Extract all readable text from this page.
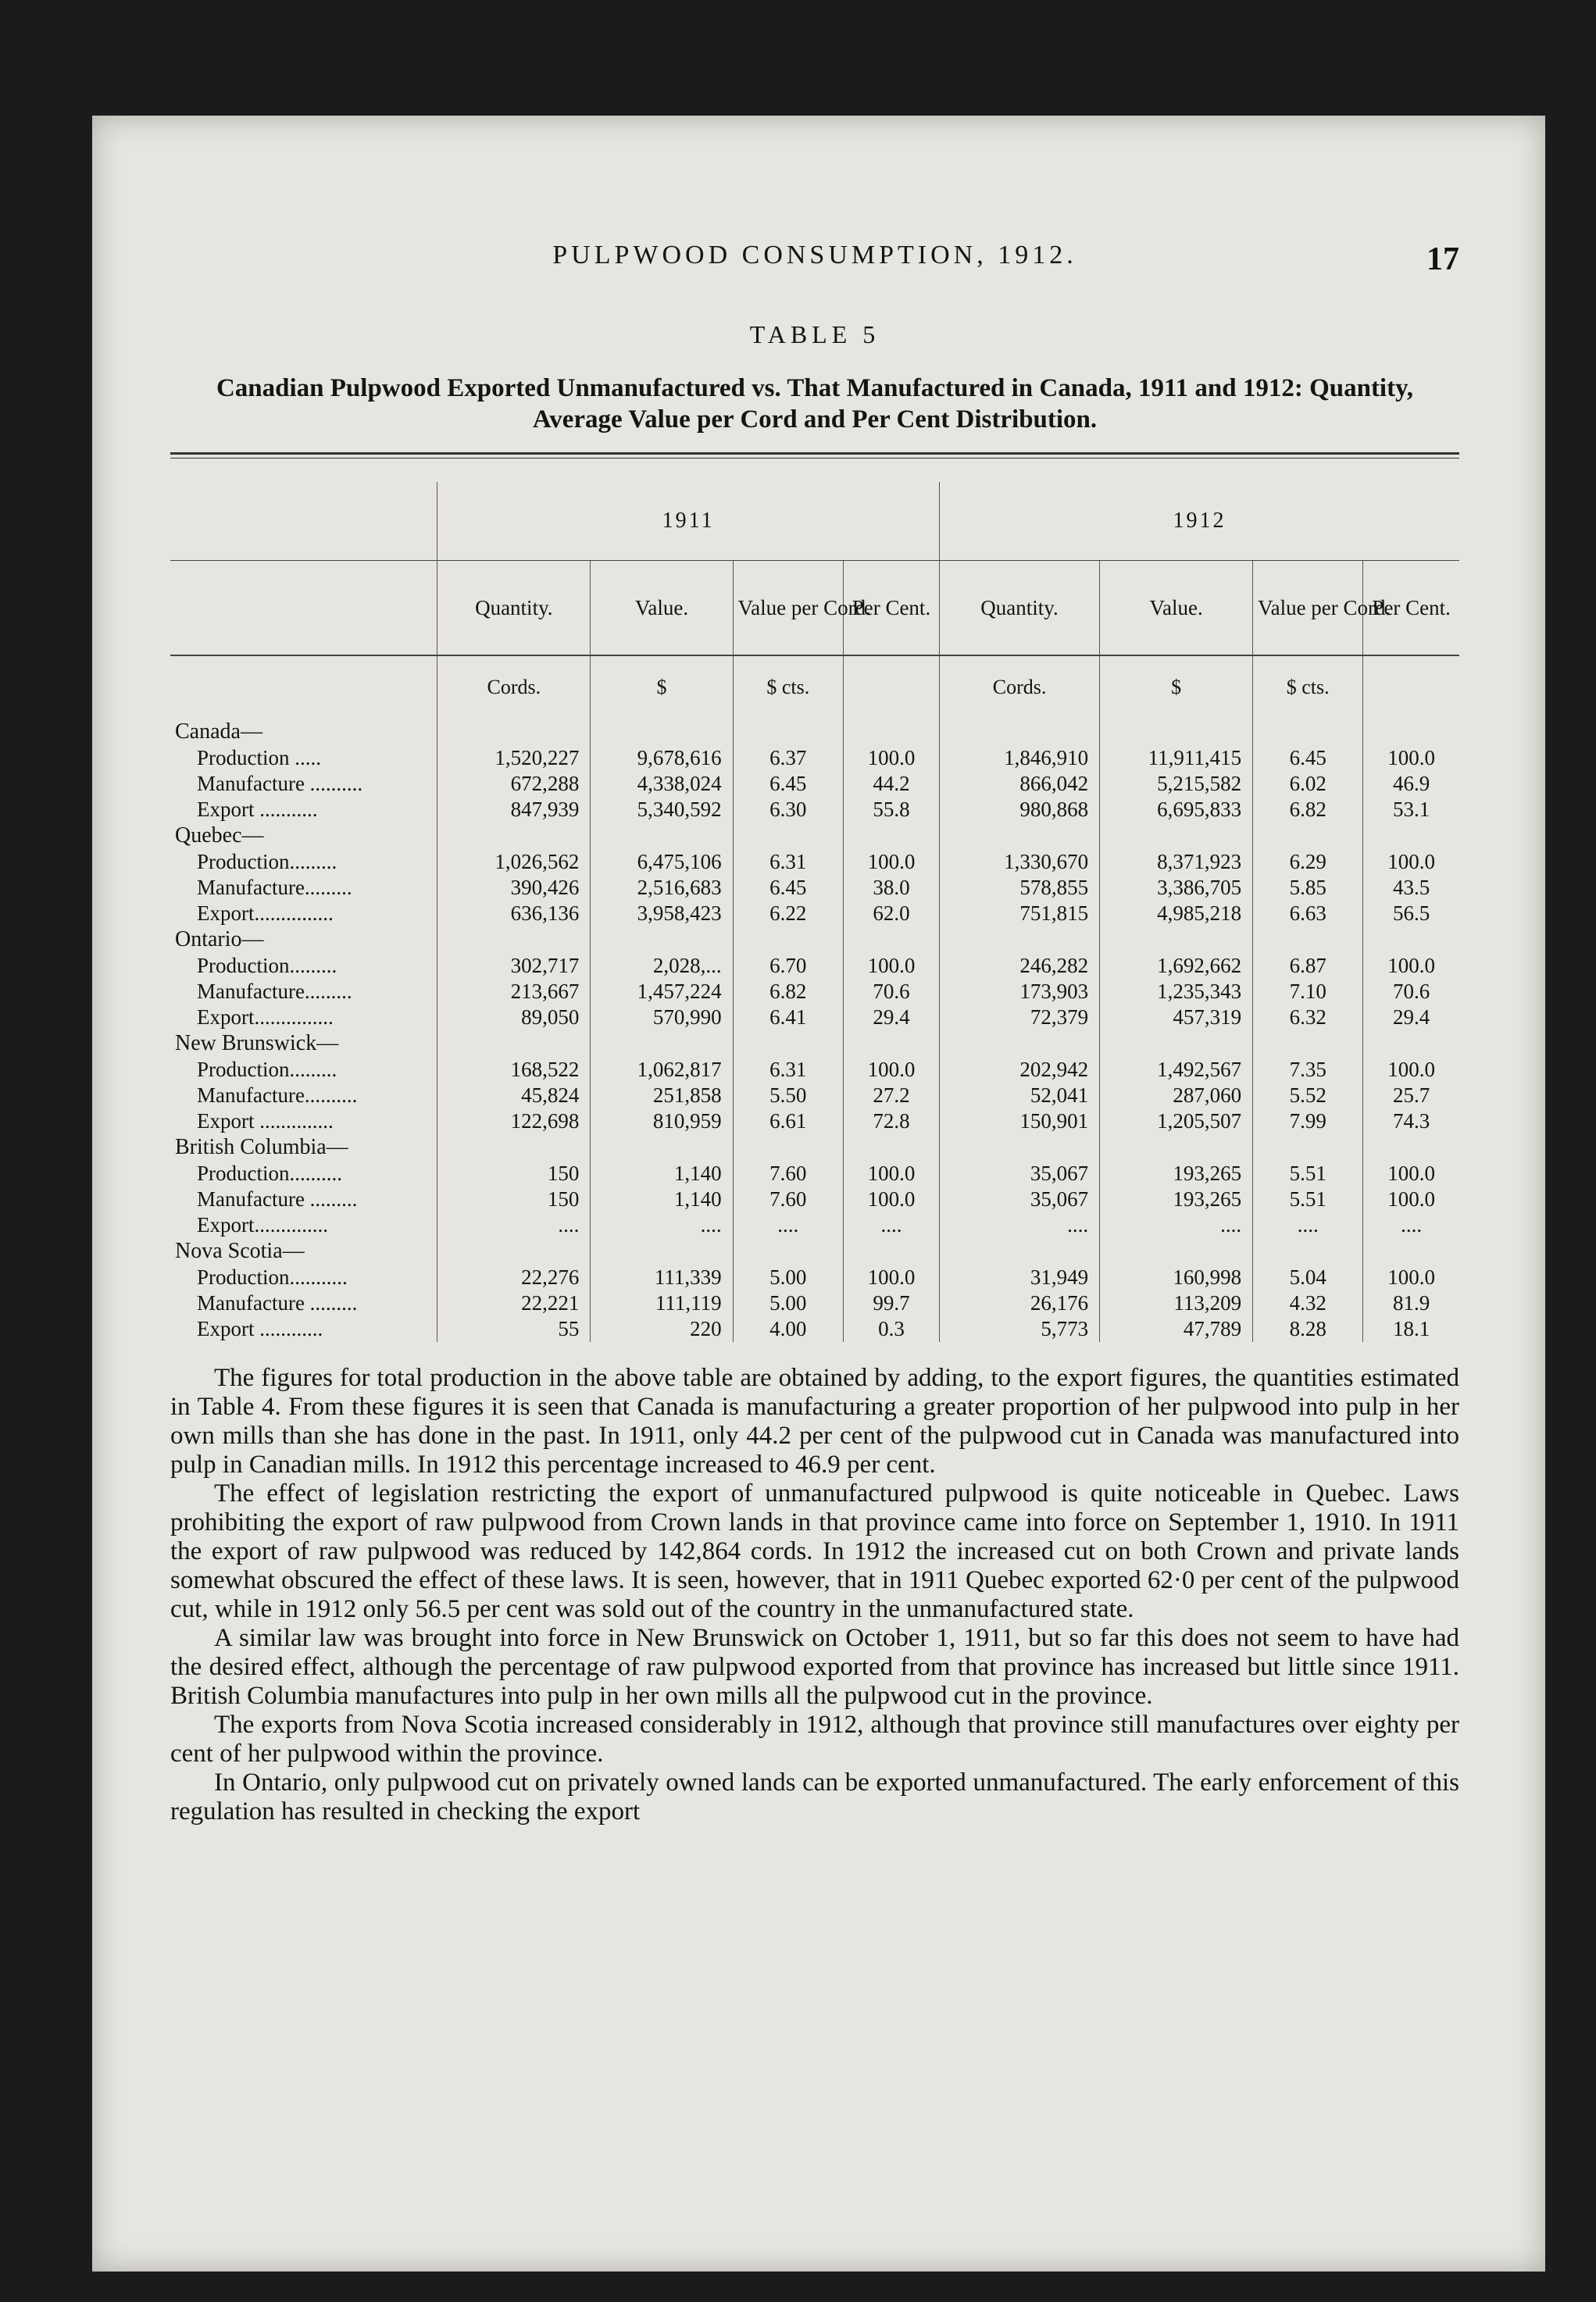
PULPWOOD CONSUMPTION, 1912.	17
TABLE 5
Canadian Pulpwood Exported Unmanufactured vs. That Manufactured in Canada, 1911 and 1912: Quantity, Average Value per Cord and Per Cent Distribution.
	1911				1912			
	Quantity.	Value.	Value per Cord.	Per Cent.	Quantity.	Value.	Value per Cord.	Per Cent.
	Cords.	$	$ cts.		Cords.	$	$ cts.	
Canada—								
Production .....	1,520,227	9,678,616	6.37	100.0	1,846,910	11,911,415	6.45	100.0
Manufacture ..........	672,288	4,338,024	6.45	44.2	866,042	5,215,582	6.02	46.9
Export ...........	847,939	5,340,592	6.30	55.8	980,868	6,695,833	6.82	53.1
Quebec—								
Production.........	1,026,562	6,475,106	6.31	100.0	1,330,670	8,371,923	6.29	100.0
Manufacture.........	390,426	2,516,683	6.45	38.0	578,855	3,386,705	5.85	43.5
Export...............	636,136	3,958,423	6.22	62.0	751,815	4,985,218	6.63	56.5
Ontario—								
Production.........	302,717	2,028,...	6.70	100.0	246,282	1,692,662	6.87	100.0
Manufacture.........	213,667	1,457,224	6.82	70.6	173,903	1,235,343	7.10	70.6
Export...............	89,050	570,990	6.41	29.4	72,379	457,319	6.32	29.4
New Brunswick—								
Production.........	168,522	1,062,817	6.31	100.0	202,942	1,492,567	7.35	100.0
Manufacture..........	45,824	251,858	5.50	27.2	52,041	287,060	5.52	25.7
Export ..............	122,698	810,959	6.61	72.8	150,901	1,205,507	7.99	74.3
British Columbia—								
Production..........	150	1,140	7.60	100.0	35,067	193,265	5.51	100.0
Manufacture .........	150	1,140	7.60	100.0	35,067	193,265	5.51	100.0
Export..............	....	....	....	....	....	....	....	....
Nova Scotia—								
Production...........	22,276	111,339	5.00	100.0	31,949	160,998	5.04	100.0
Manufacture .........	22,221	111,119	5.00	99.7	26,176	113,209	4.32	81.9
Export ............	55	220	4.00	0.3	5,773	47,789	8.28	18.1

The figures for total production in the above table are obtained by adding, to the export figures, the quantities estimated in Table 4. From these figures it is seen that Canada is manufacturing a greater proportion of her pulpwood into pulp in her own mills than she has done in the past. In 1911, only 44.2 per cent of the pulpwood cut in Canada was manufactured into pulp in Canadian mills. In 1912 this percentage increased to 46.9 per cent.

The effect of legislation restricting the export of unmanufactured pulpwood is quite noticeable in Quebec. Laws prohibiting the export of raw pulpwood from Crown lands in that province came into force on September 1, 1910. In 1911 the export of raw pulpwood was reduced by 142,864 cords. In 1912 the increased cut on both Crown and private lands somewhat obscured the effect of these laws. It is seen, however, that in 1911 Quebec exported 62·0 per cent of the pulpwood cut, while in 1912 only 56.5 per cent was sold out of the country in the unmanufactured state.

A similar law was brought into force in New Brunswick on October 1, 1911, but so far this does not seem to have had the desired effect, although the percentage of raw pulpwood exported from that province has increased but little since 1911. British Columbia manufactures into pulp in her own mills all the pulpwood cut in the province.

The exports from Nova Scotia increased considerably in 1912, although that province still manufactures over eighty per cent of her pulpwood within the province.

In Ontario, only pulpwood cut on privately owned lands can be exported unmanufactured. The early enforcement of this regulation has resulted in checking the export
